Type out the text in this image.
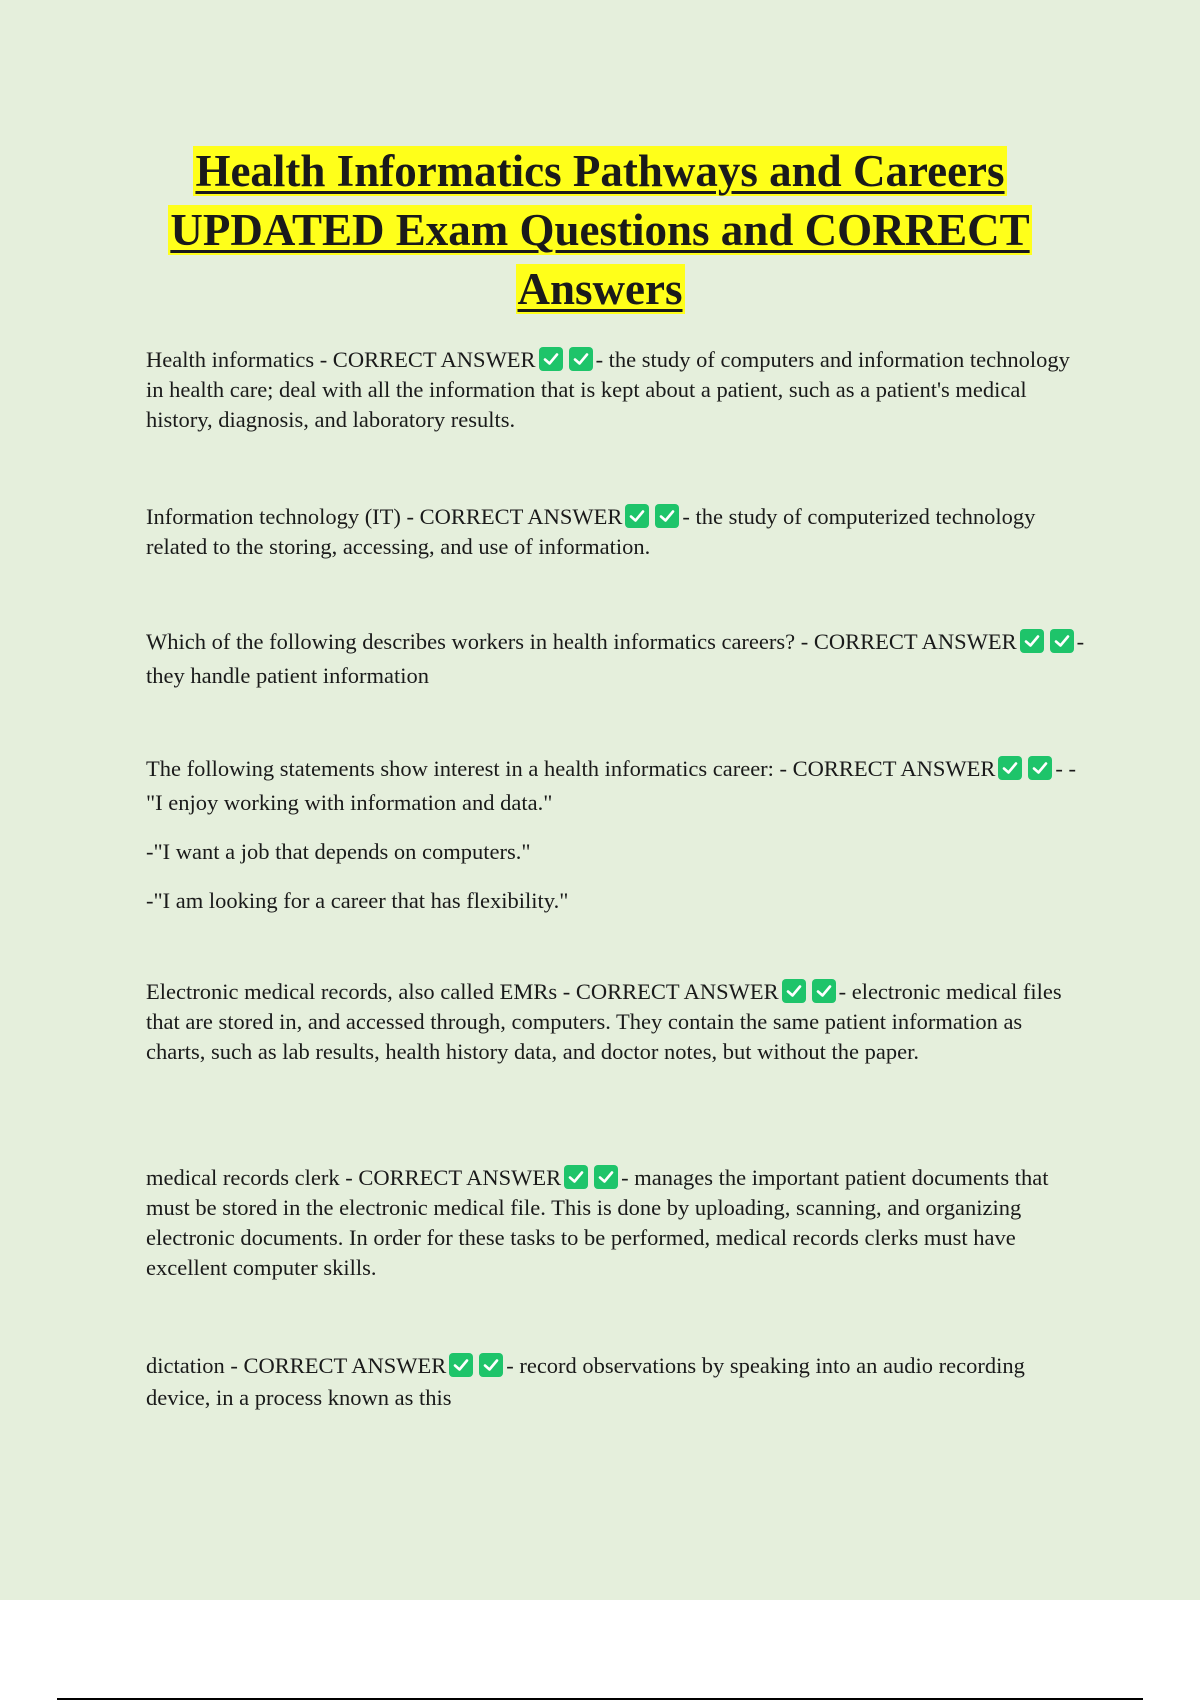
Health Informatics Pathways and Careers
UPDATED Exam Questions and CORRECT
Answers

Health informatics - CORRECT ANSWER	- the study of computers and information technology in health care; deal with all the information that is kept about a patient, such as a patient's medical history, diagnosis, and laboratory results.

Information technology (IT) - CORRECT ANSWER	- the study of computerized technology related to the storing, accessing, and use of information.

Which of the following describes workers in health informatics careers? - CORRECT ANSWER	- they handle patient information

The following statements show interest in a health informatics career: - CORRECT ANSWER	- -"I enjoy working with information and data."

-"I want a job that depends on computers."

-"I am looking for a career that has flexibility."

Electronic medical records, also called EMRs - CORRECT ANSWER	- electronic medical files that are stored in, and accessed through, computers. They contain the same patient information as charts, such as lab results, health history data, and doctor notes, but without the paper.

medical records clerk - CORRECT ANSWER	- manages the important patient documents that must be stored in the electronic medical file. This is done by uploading, scanning, and organizing electronic documents. In order for these tasks to be performed, medical records clerks must have excellent computer skills.

dictation - CORRECT ANSWER	- record observations by speaking into an audio recording device, in a process known as this
